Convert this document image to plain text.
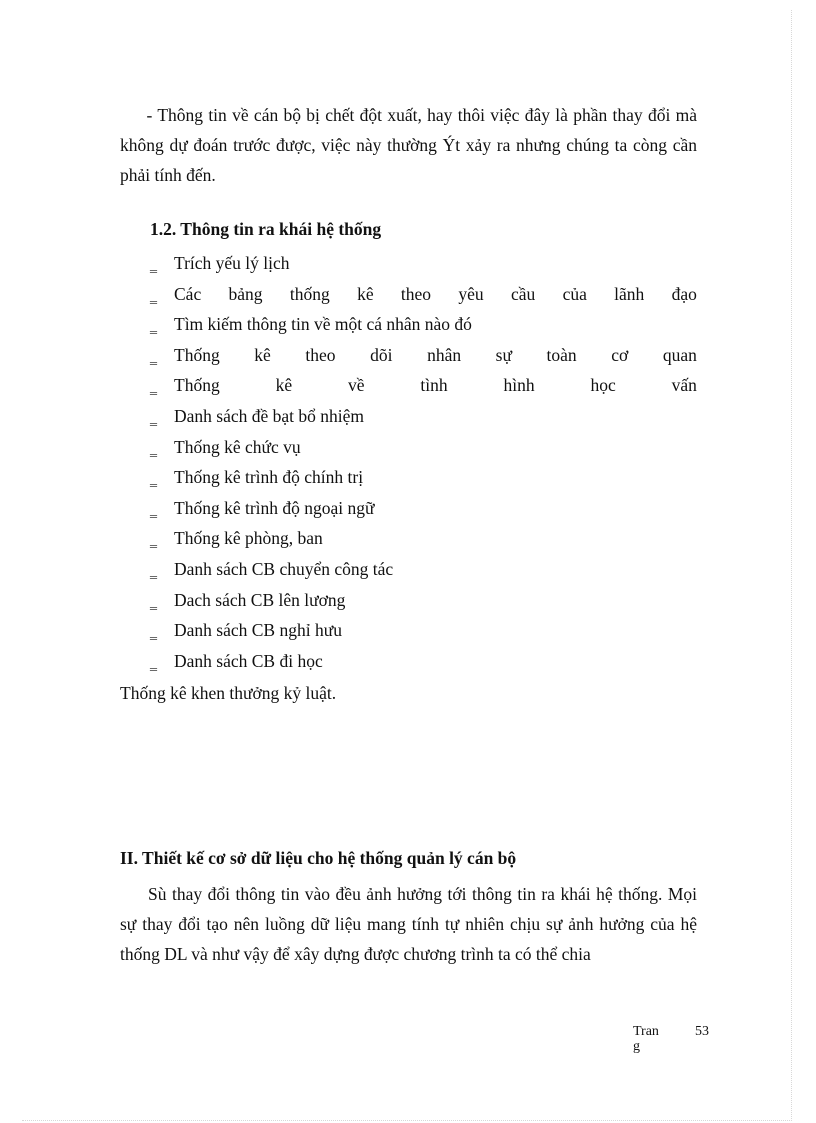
- Thông tin về cán bộ bị chết đột xuất, hay thôi việc đây là phần thay đổi mà không dự đoán trước được, việc này thường Ýt xảy ra nhưng chúng ta còng cần phải tính đến.

1.2. Thông tin ra khái hệ thống
‗ Trích yếu lý lịch
‗ Các bảng thống kê theo yêu cầu của lãnh đạo
‗ Tìm kiếm thông tin về một cá nhân nào đó
‗ Thống kê theo dõi nhân sự toàn cơ quan
‗ Thống	kê	về	tình	hình	học	vấn
‗ Danh sách đề bạt bổ nhiệm
‗ Thống kê chức vụ
‗ Thống kê trình độ chính trị
‗ Thống kê trình độ ngoại ngữ
‗ Thống kê phòng, ban
‗ Danh sách CB chuyển công tác
‗ Dach sách CB lên lương
‗ Danh sách CB nghỉ hưu
‗ Danh sách CB đi học

Thống kê khen thưởng kỷ luật.

II. Thiết kế cơ sở dữ liệu cho hệ thống quản lý cán bộ

Sù thay đổi thông tin vào đều ảnh hưởng tới thông tin ra khái hệ thống. Mọi sự thay đổi tạo nên luồng dữ liệu mang tính tự nhiên chịu sự ảnh hưởng của hệ thống DL và như vậy để xây dựng được chương trình ta có thể chia

Trang
53
